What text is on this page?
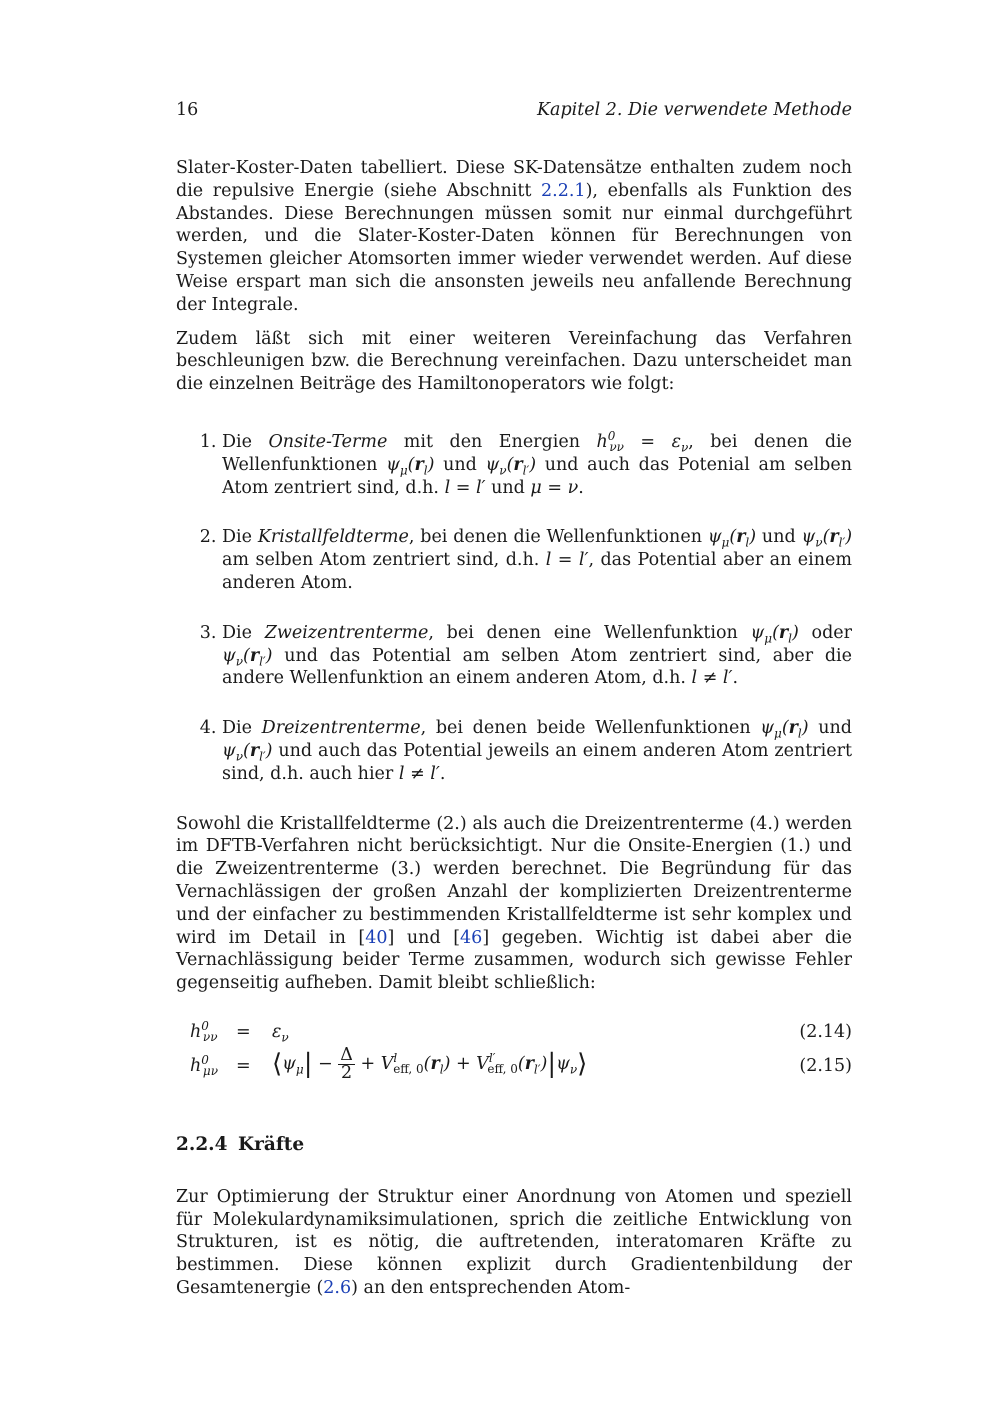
16	Kapitel 2. Die verwendete Methode

Slater-Koster-Daten tabelliert. Diese SK-Datensätze enthalten zudem noch die repulsive Energie (siehe Abschnitt 2.2.1), ebenfalls als Funktion des Abstandes. Diese Berechnungen müssen somit nur einmal durchgeführt werden, und die Slater-Koster-Daten können für Berechnungen von Systemen gleicher Atomsorten immer wieder verwendet werden. Auf diese Weise erspart man sich die ansonsten jeweils neu anfallende Berechnung der Integrale.

Zudem läßt sich mit einer weiteren Vereinfachung das Verfahren beschleunigen bzw. die Berechnung vereinfachen. Dazu unterscheidet man die einzelnen Beiträge des Hamiltonoperators wie folgt:

1. Die Onsite-Terme mit den Energien $h^0_{\nu\nu} = \varepsilon_\nu$, bei denen die Wellenfunktionen $\psi_\mu(r_l)$ und $\psi_\nu(r_{l'})$ und auch das Potenial am selben Atom zentriert sind, d.h. l = l′ und μ = ν.
2. Die Kristallfeldterme, bei denen die Wellenfunktionen $\psi_\mu(r_l)$ und $\psi_\nu(r_{l'})$ am selben Atom zentriert sind, d.h. l = l′, das Potential aber an einem anderen Atom.
3. Die Zweizentrenterme, bei denen eine Wellenfunktion $\psi_\mu(r_l)$ oder $\psi_\nu(r_{l'})$ und das Potential am selben Atom zentriert sind, aber die andere Wellenfunktion an einem anderen Atom, d.h. l ≠ l′.
4. Die Dreizentrenterme, bei denen beide Wellenfunktionen $\psi_\mu(r_l)$ und $\psi_\nu(r_{l'})$ und auch das Potential jeweils an einem anderen Atom zentriert sind, d.h. auch hier l ≠ l′.

Sowohl die Kristallfeldterme (2.) als auch die Dreizentrenterme (4.) werden im DFTB-Verfahren nicht berücksichtigt. Nur die Onsite-Energien (1.) und die Zweizentrenterme (3.) werden berechnet. Die Begründung für das Vernachlässigen der großen Anzahl der komplizierten Dreizentrenterme und der einfacher zu bestimmenden Kristallfeldterme ist sehr komplex und wird im Detail in [40] und [46] gegeben. Wichtig ist dabei aber die Vernachlässigung beider Terme zusammen, wodurch sich gewisse Fehler gegenseitig aufheben. Damit bleibt schließlich:

$h^0_{\nu\nu} = \varepsilon_\nu$	(2.14)
$h^0_{\mu\nu}$ = $⟨\psi_\mu| - \frac{\Delta}{2} + V^l_{eff, 0}(r_l)$ + $V^{l'}_{eff, 0}(r_{l'})|\psi_\nu⟩$	(2.15)
2.2.4 Kräfte

Zur Optimierung der Struktur einer Anordnung von Atomen und speziell für Molekulardynamiksimulationen, sprich die zeitliche Entwicklung von Strukturen, ist es nötig, die auftretenden, interatomaren Kräfte zu bestimmen. Diese können explizit durch Gradientenbildung der Gesamtenergie (2.6) an den entsprechenden Atom-
